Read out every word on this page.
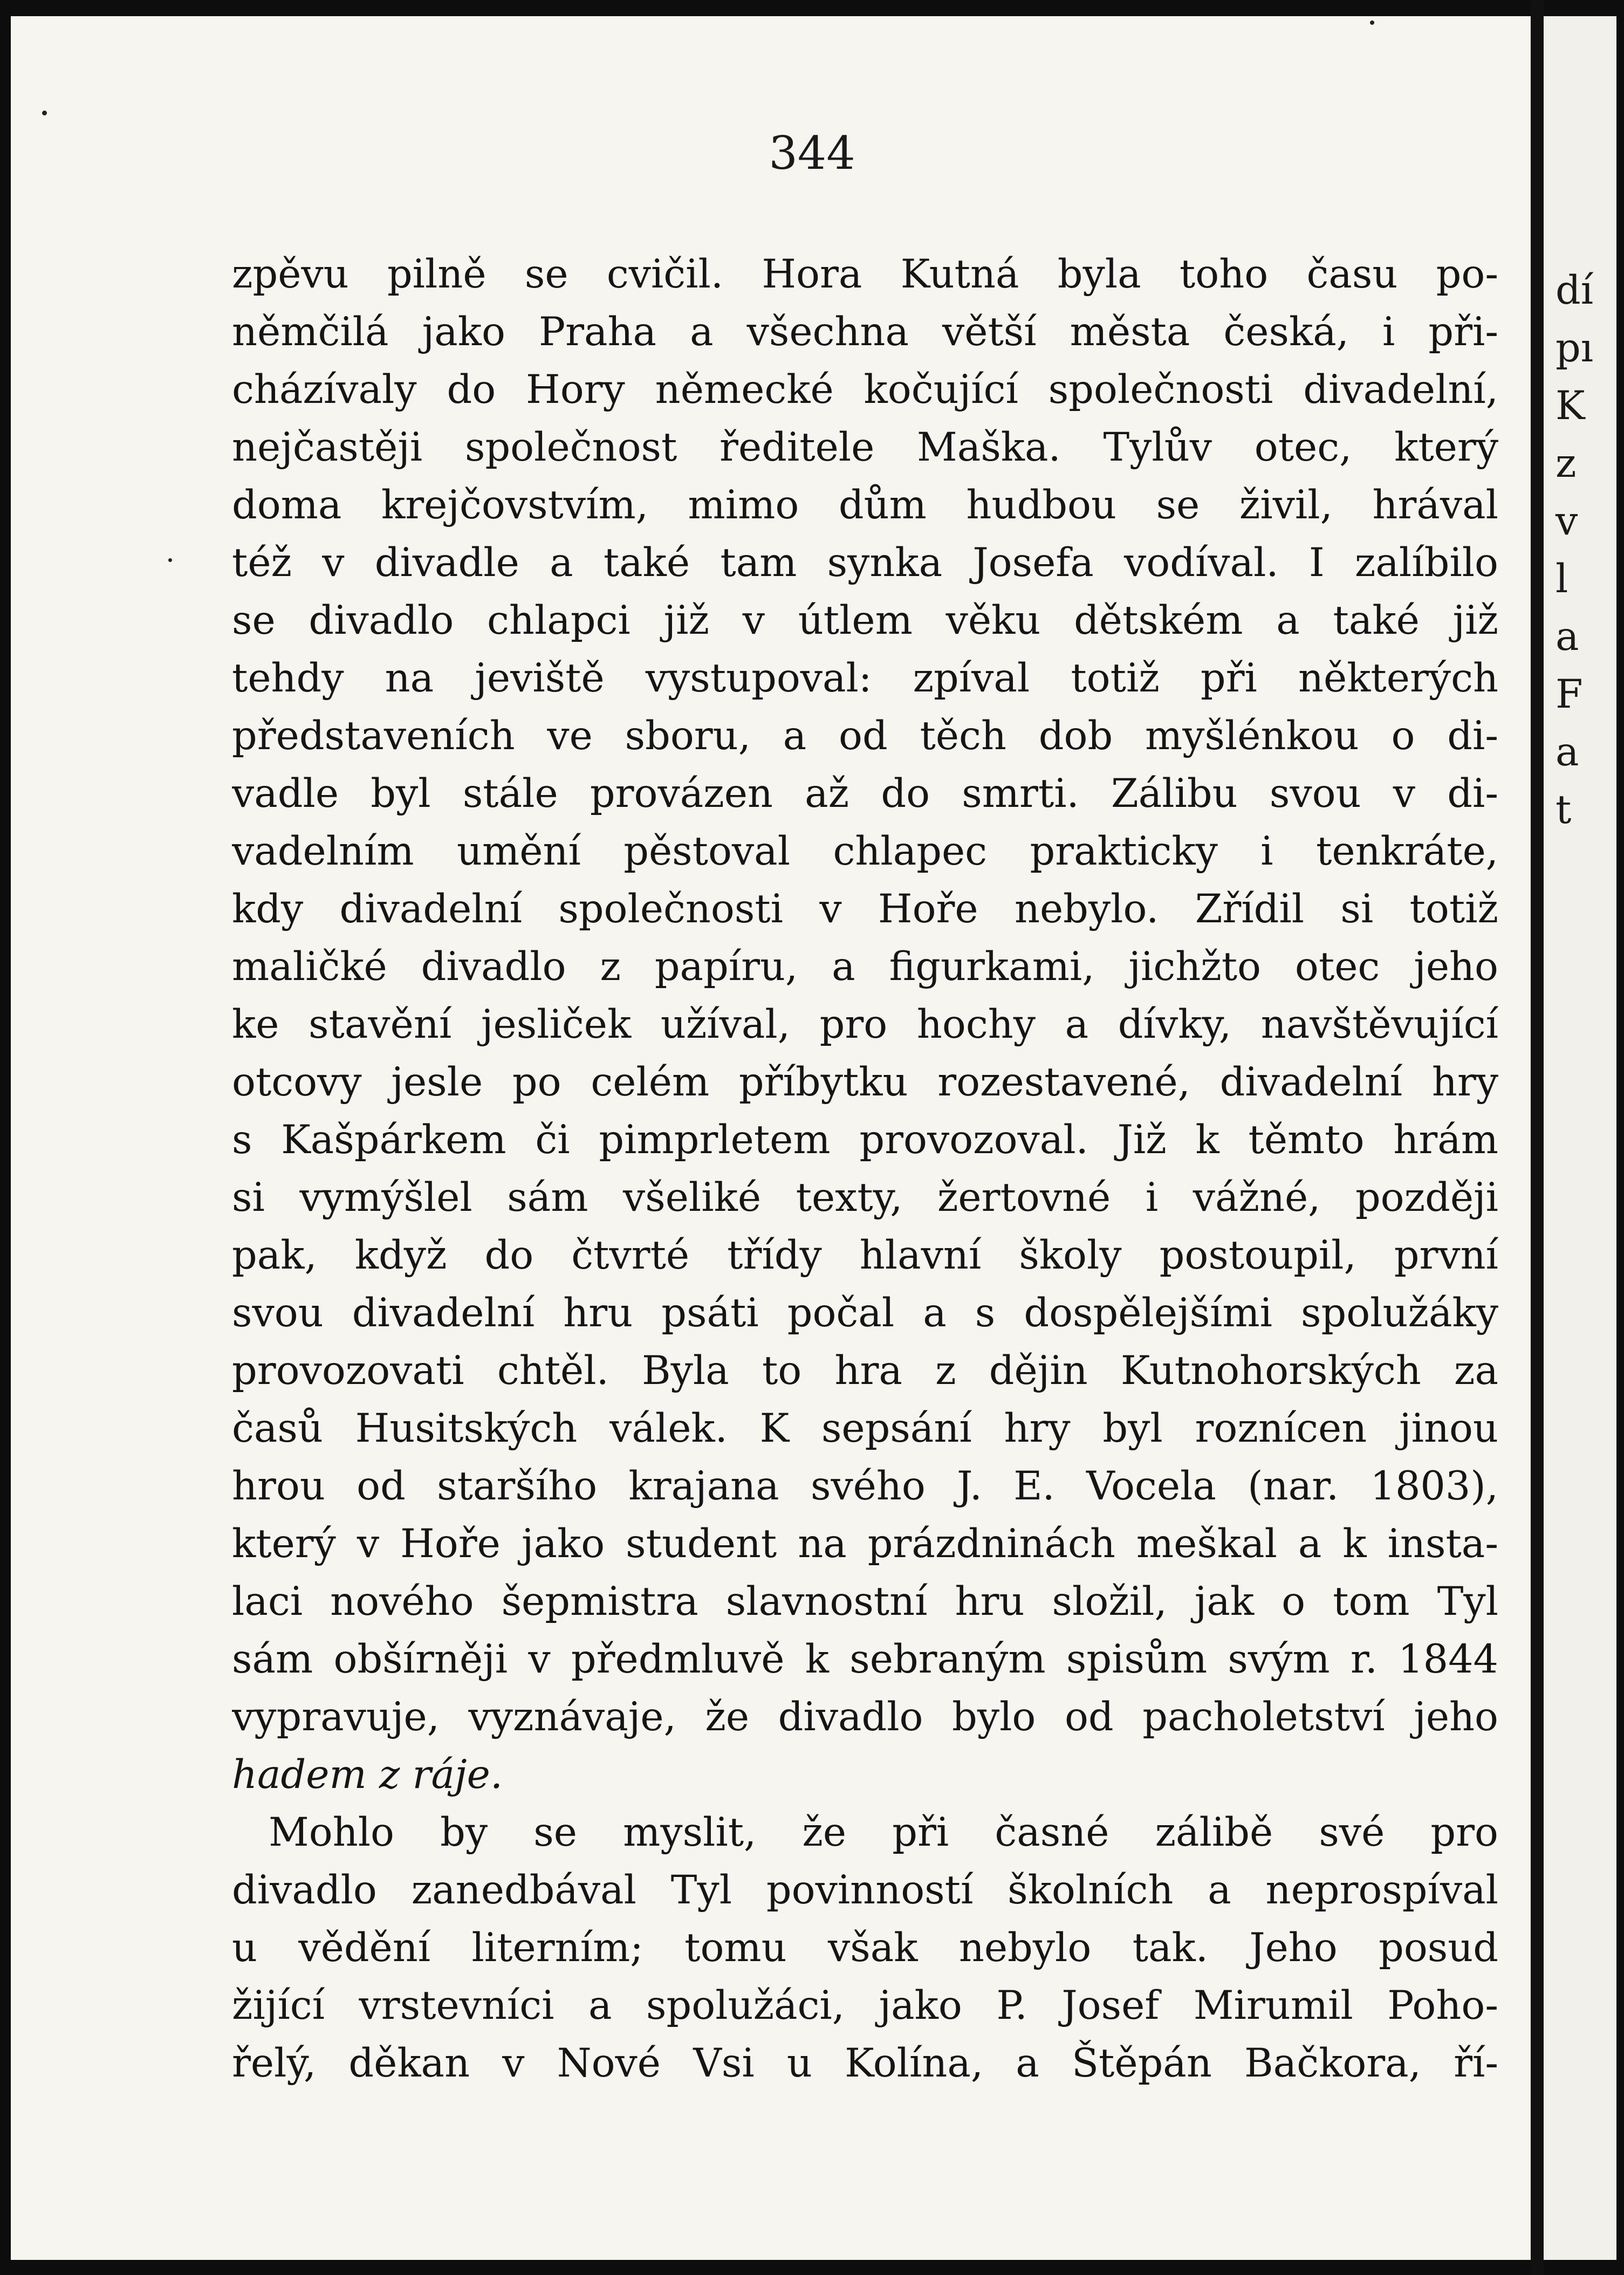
dí
pı
K
z
v
l
a
F
a
t
344
zpěvu pilně se cvičil. Hora Kutná byla toho času po-
němčilá jako Praha a všechna větší města česká, i při-
cházívaly do Hory německé kočující společnosti divadelní,
nejčastěji společnost ředitele Maška. Tylův otec, který
doma krejčovstvím, mimo dům hudbou se živil, hrával
též v divadle a také tam synka Josefa vodíval. I zalíbilo
se divadlo chlapci již v útlem věku dětském a také již
tehdy na jeviště vystupoval: zpíval totiž při některých
představeních ve sboru, a od těch dob myšlénkou o di-
vadle byl stále provázen až do smrti. Zálibu svou v di-
vadelním umění pěstoval chlapec prakticky i tenkráte,
kdy divadelní společnosti v Hoře nebylo. Zřídil si totiž
maličké divadlo z papíru, a figurkami, jichžto otec jeho
ke stavění jesliček užíval, pro hochy a dívky, navštěvující
otcovy jesle po celém příbytku rozestavené, divadelní hry
s Kašpárkem či pimprletem provozoval. Již k těmto hrám
si vymýšlel sám všeliké texty, žertovné i vážné, později
pak, když do čtvrté třídy hlavní školy postoupil, první
svou divadelní hru psáti počal a s dospělejšími spolužáky
provozovati chtěl. Byla to hra z dějin Kutnohorských za
časů Husitských válek. K sepsání hry byl roznícen jinou
hrou od staršího krajana svého J. E. Vocela (nar. 1803),
který v Hoře jako student na prázdninách meškal a k insta-
laci nového šepmistra slavnostní hru složil, jak o tom Tyl
sám obšírněji v předmluvě k sebraným spisům svým r. 1844
vypravuje, vyznávaje, že divadlo bylo od pacholetství jeho
hadem z ráje.
Mohlo by se myslit, že při časné zálibě své pro
divadlo zanedbával Tyl povinností školních a neprospíval
u vědění literním; tomu však nebylo tak. Jeho posud
žijící vrstevníci a spolužáci, jako P. Josef Mirumil Poho-
řelý, děkan v Nové Vsi u Kolína, a Štěpán Bačkora, ří-
